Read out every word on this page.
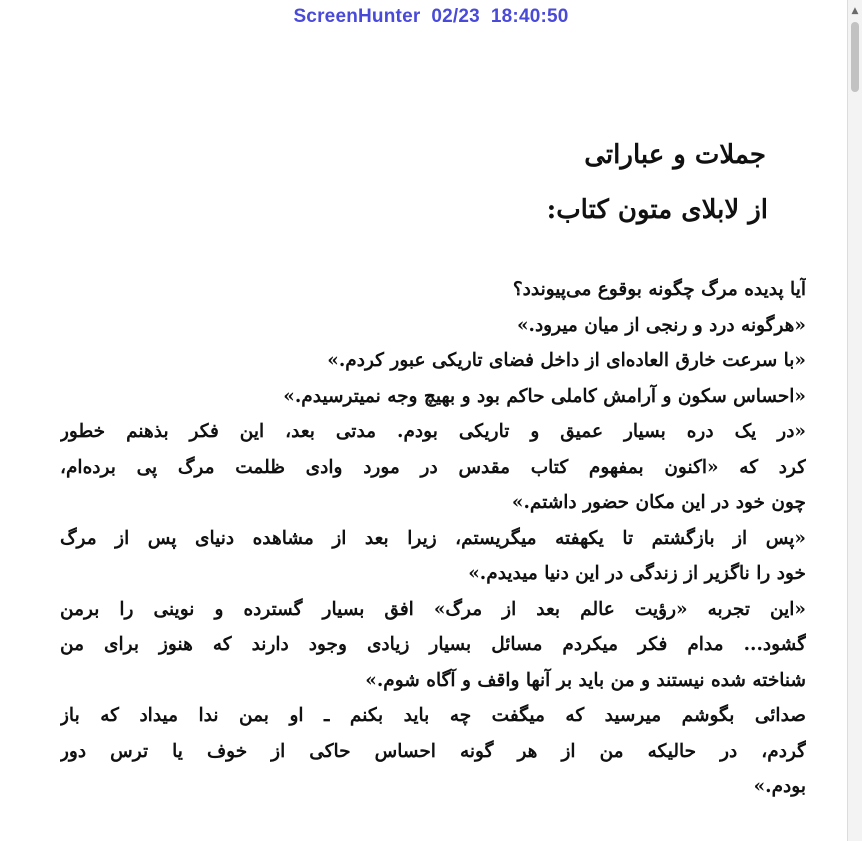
ScreenHunter  02/23  18:40:50	▲
جملات و عباراتی
از لابلای متون کتاب:
آیا پدیده مرگ چگونه بوقوع می‌پیوندد؟
«هرگونه درد و رنجی از میان میرود.»
«با سرعت خارق العاده‌ای از داخل فضای تاریکی عبور کردم.»
«احساس سکون و آرامش کاملی حاکم بود و بهیچ وجه نمیترسیدم.»
«در یک دره بسیار عمیق و تاریکی بودم. مدتی بعد، این فکر بذهنم خطور
کرد که «اکنون بمفهوم کتاب مقدس در مورد وادی ظلمت مرگ پی برده‌ام،
چون خود در این مکان حضور داشتم.»
«پس از بازگشتم تا یکهفته میگریستم، زیرا بعد از مشاهده دنیای پس از مرگ
خود را ناگزیر از زندگی در این دنیا میدیدم.»
«این تجربه «رؤیت عالم بعد از مرگ» افق بسیار گسترده و نوینی را برمن
گشود... مدام فکر میکردم مسائل بسیار زیادی وجود دارند که هنوز برای من
شناخته شده نیستند و من باید بر آنها واقف و آگاه شوم.»
صدائی بگوشم میرسید که میگفت چه باید بکنم ـ او بمن ندا میداد که باز
گردم، در حالیکه من از هر گونه احساس حاکی از خوف یا ترس دور
بودم.»
